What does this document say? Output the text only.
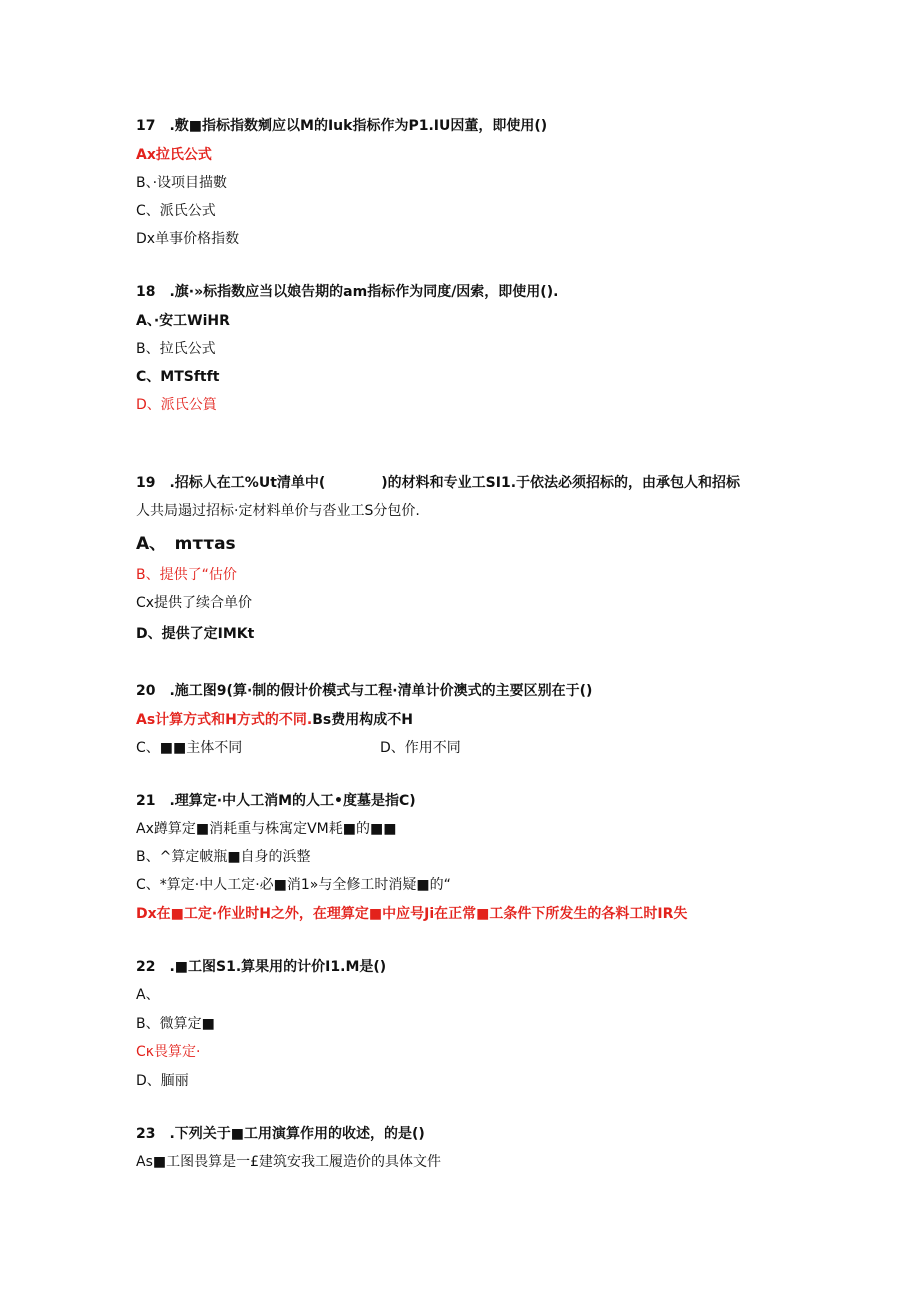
17　.敷■指标指数剜应以M的Iuk指标作为P1.IU因董，即使用()
Ax拉氏公式
B、·设项目描數
C、派氏公式
Dx单事价格指数
18　.旗·»标指数应当以娘告期的am指标作为同度/因索，即使用().
A、·安工WiHR
B、拉氏公式
C、MTSftft
D、派氏公篔
19　.招标人在工%Ut清单中(　　　　)的材料和专业工SI1.于依法必须招标的，由承包人和招标
人共局遢过招标·定材料单价与沓业工S分包价.
A、　mττas
B、提供了“估价
Cx提供了续合单价
D、提供了定IMKt
20　.施工图9(算·制的假计价模式与工程·清单计价澳式的主要区别在于()
As计算方式和H方式的不同.Bs费用构成不H
C、■■主体不同	D、作用不同
21　.理算定·中人工消M的人工•度墓是指C)
Ax蹲算定■消耗重与株寓定VM耗■的■■
B、^算定帔瓶■自身的浜整
C、*算定·中人工定·必■消1»与全修工时消疑■的“
Dx在■工定·作业时H之外，在理算定■中应号Ji在正常■工条件下所发生的各料工时IR失
22　.■工图S1.算果用的计价I1.M是()
A、
B、微算定■
Cκ畏算定·
D、腼丽
23　.下列关于■工用演算作用的收述，的是()
As■工图畏算是一£建筑安我工履造价的具体文件
